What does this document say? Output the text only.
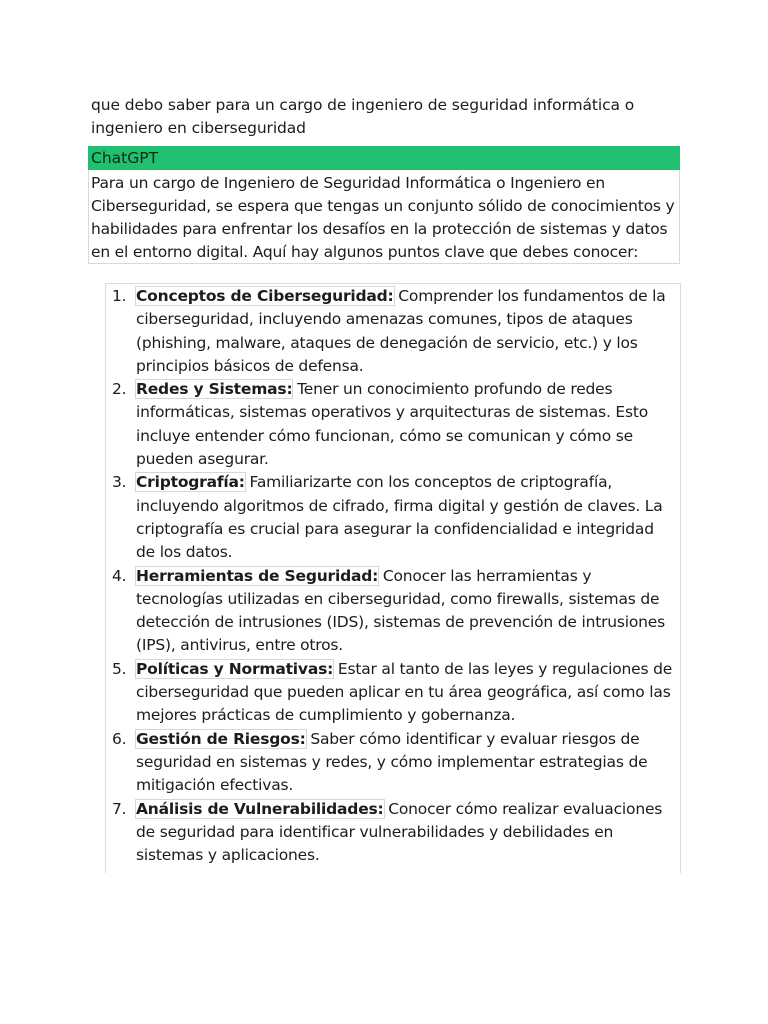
que debo saber para un cargo de ingeniero de seguridad informática o ingeniero en ciberseguridad
ChatGPT
Para un cargo de Ingeniero de Seguridad Informática o Ingeniero en Ciberseguridad, se espera que tengas un conjunto sólido de conocimientos y habilidades para enfrentar los desafíos en la protección de sistemas y datos en el entorno digital. Aquí hay algunos puntos clave que debes conocer:
1. Conceptos de Ciberseguridad: Comprender los fundamentos de la ciberseguridad, incluyendo amenazas comunes, tipos de ataques (phishing, malware, ataques de denegación de servicio, etc.) y los principios básicos de defensa.
2. Redes y Sistemas: Tener un conocimiento profundo de redes informáticas, sistemas operativos y arquitecturas de sistemas. Esto incluye entender cómo funcionan, cómo se comunican y cómo se pueden asegurar.
3. Criptografía: Familiarizarte con los conceptos de criptografía, incluyendo algoritmos de cifrado, firma digital y gestión de claves. La criptografía es crucial para asegurar la confidencialidad e integridad de los datos.
4. Herramientas de Seguridad: Conocer las herramientas y tecnologías utilizadas en ciberseguridad, como firewalls, sistemas de detección de intrusiones (IDS), sistemas de prevención de intrusiones (IPS), antivirus, entre otros.
5. Políticas y Normativas: Estar al tanto de las leyes y regulaciones de ciberseguridad que pueden aplicar en tu área geográfica, así como las mejores prácticas de cumplimiento y gobernanza.
6. Gestión de Riesgos: Saber cómo identificar y evaluar riesgos de seguridad en sistemas y redes, y cómo implementar estrategias de mitigación efectivas.
7. Análisis de Vulnerabilidades: Conocer cómo realizar evaluaciones de seguridad para identificar vulnerabilidades y debilidades en sistemas y aplicaciones.
